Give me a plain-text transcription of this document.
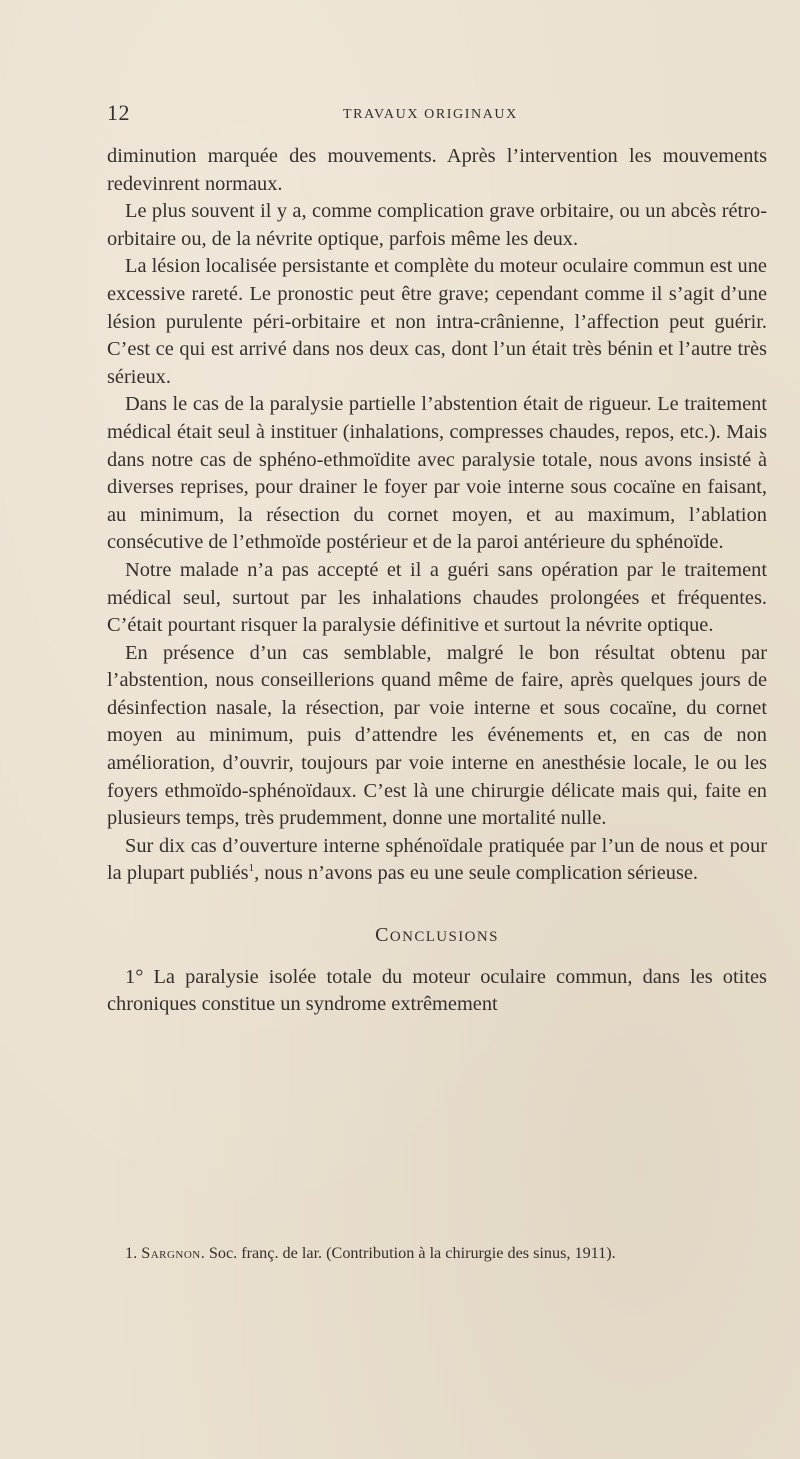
12	TRAVAUX ORIGINAUX

diminution marquée des mouvements. Après l’intervention les mouvements redevinrent normaux.

Le plus souvent il y a, comme complication grave orbitaire, ou un abcès rétro-orbitaire ou, de la névrite optique, parfois même les deux.

La lésion localisée persistante et complète du moteur oculaire commun est une excessive rareté. Le pronostic peut être grave; cependant comme il s’agit d’une lésion purulente péri-orbitaire et non intra-crânienne, l’affection peut guérir. C’est ce qui est arrivé dans nos deux cas, dont l’un était très bénin et l’autre très sérieux.

Dans le cas de la paralysie partielle l’abstention était de rigueur. Le traitement médical était seul à instituer (inhalations, compresses chaudes, repos, etc.). Mais dans notre cas de sphéno-ethmoïdite avec paralysie totale, nous avons insisté à diverses reprises, pour drainer le foyer par voie interne sous cocaïne en faisant, au minimum, la résection du cornet moyen, et au maximum, l’ablation consécutive de l’ethmoïde postérieur et de la paroi antérieure du sphénoïde.

Notre malade n’a pas accepté et il a guéri sans opération par le traitement médical seul, surtout par les inhalations chaudes prolongées et fréquentes. C’était pourtant risquer la paralysie définitive et surtout la névrite optique.

En présence d’un cas semblable, malgré le bon résultat obtenu par l’abstention, nous conseillerions quand même de faire, après quelques jours de désinfection nasale, la résection, par voie interne et sous cocaïne, du cornet moyen au minimum, puis d’attendre les événements et, en cas de non amélioration, d’ouvrir, toujours par voie interne en anesthésie locale, le ou les foyers ethmoïdo-sphénoïdaux. C’est là une chirurgie délicate mais qui, faite en plusieurs temps, très prudemment, donne une mortalité nulle.

Sur dix cas d’ouverture interne sphénoïdale pratiquée par l’un de nous et pour la plupart publiés$^1$, nous n’avons pas eu une seule complication sérieuse.

CONCLUSIONS

1° La paralysie isolée totale du moteur oculaire commun, dans les otites chroniques constitue un syndrome extrêmement

1. Sargnon. Soc. franç. de lar. (Contribution à la chirurgie des sinus, 1911).
